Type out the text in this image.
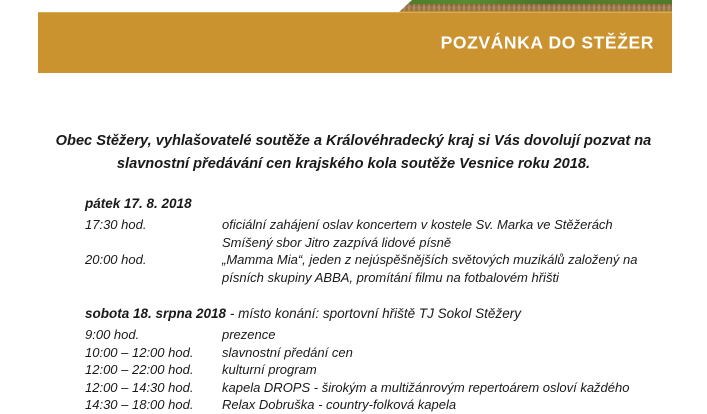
POZVÁNKA DO STĚŽER

Obec Stěžery, vyhlašovatelé soutěže a Královéhradecký kraj si Vás dovolují pozvat na slavnostní předávání cen krajského kola soutěže Vesnice roku 2018.

pátek 17. 8. 2018
17:30 hod.	oficiální zahájení oslav koncertem v kostele Sv. Marka ve Stěžerách
Smíšený sbor Jitro zazpívá lidové písně

20:00 hod.	„Mamma Mia“, jeden z nejúspěšnějších světových muzikálů založený na
písních skupiny ABBA, promítání filmu na fotbalovém hřišti
sobota 18. srpna 2018 - místo konání: sportovní hřiště TJ Sokol Stěžery
9:00 hod.	prezence

10:00 – 12:00 hod.	slavnostní předání cen

12:00 – 22:00 hod.	kulturní program

12:00 – 14:30 hod.	kapela DROPS - širokým a multižánrovým repertoárem osloví každého

14:30 – 18:00 hod.	Relax Dobruška - country-folková kapela
